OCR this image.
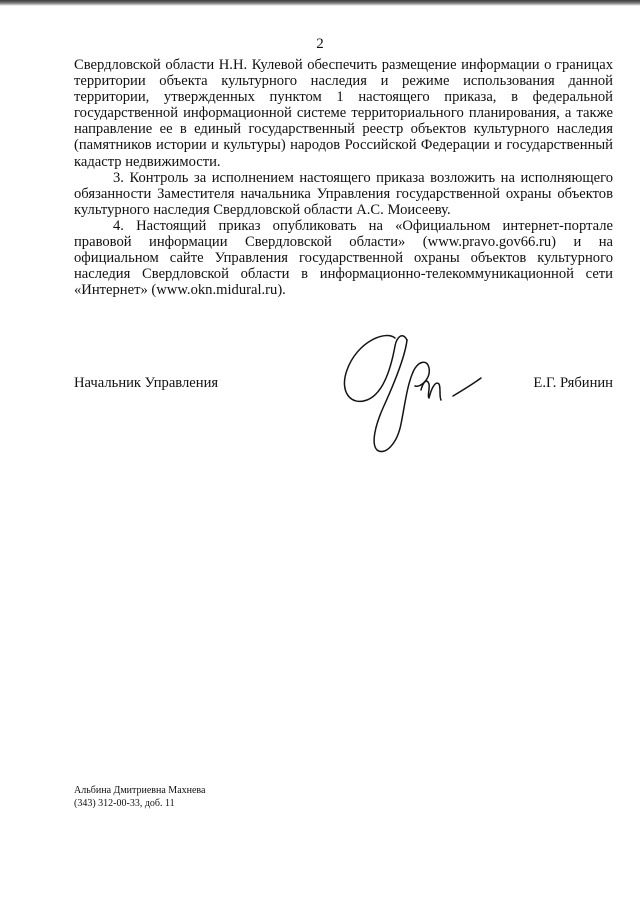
2

Свердловской области Н.Н. Кулевой обеспечить размещение информации о границах территории объекта культурного наследия и режиме использования данной территории, утвержденных пунктом 1 настоящего приказа, в федеральной государственной информационной системе территориального планирования, а также направление ее в единый государственный реестр объектов культурного наследия (памятников истории и культуры) народов Российской Федерации и государственный кадастр недвижимости.

3. Контроль за исполнением настоящего приказа возложить на исполняющего обязанности Заместителя начальника Управления государственной охраны объектов культурного наследия Свердловской области А.С. Моисееву.

4. Настоящий приказ опубликовать на «Официальном интернет-портале правовой информации Свердловской области» (www.pravo.gov66.ru) и на официальном сайте Управления государственной охраны объектов культурного наследия Свердловской области в информационно-телекоммуникационной сети «Интернет» (www.okn.midural.ru).

Начальник Управления	Е.Г. Рябинин
Альбина Дмитриевна Махнева
(343) 312-00-33, доб. 11
